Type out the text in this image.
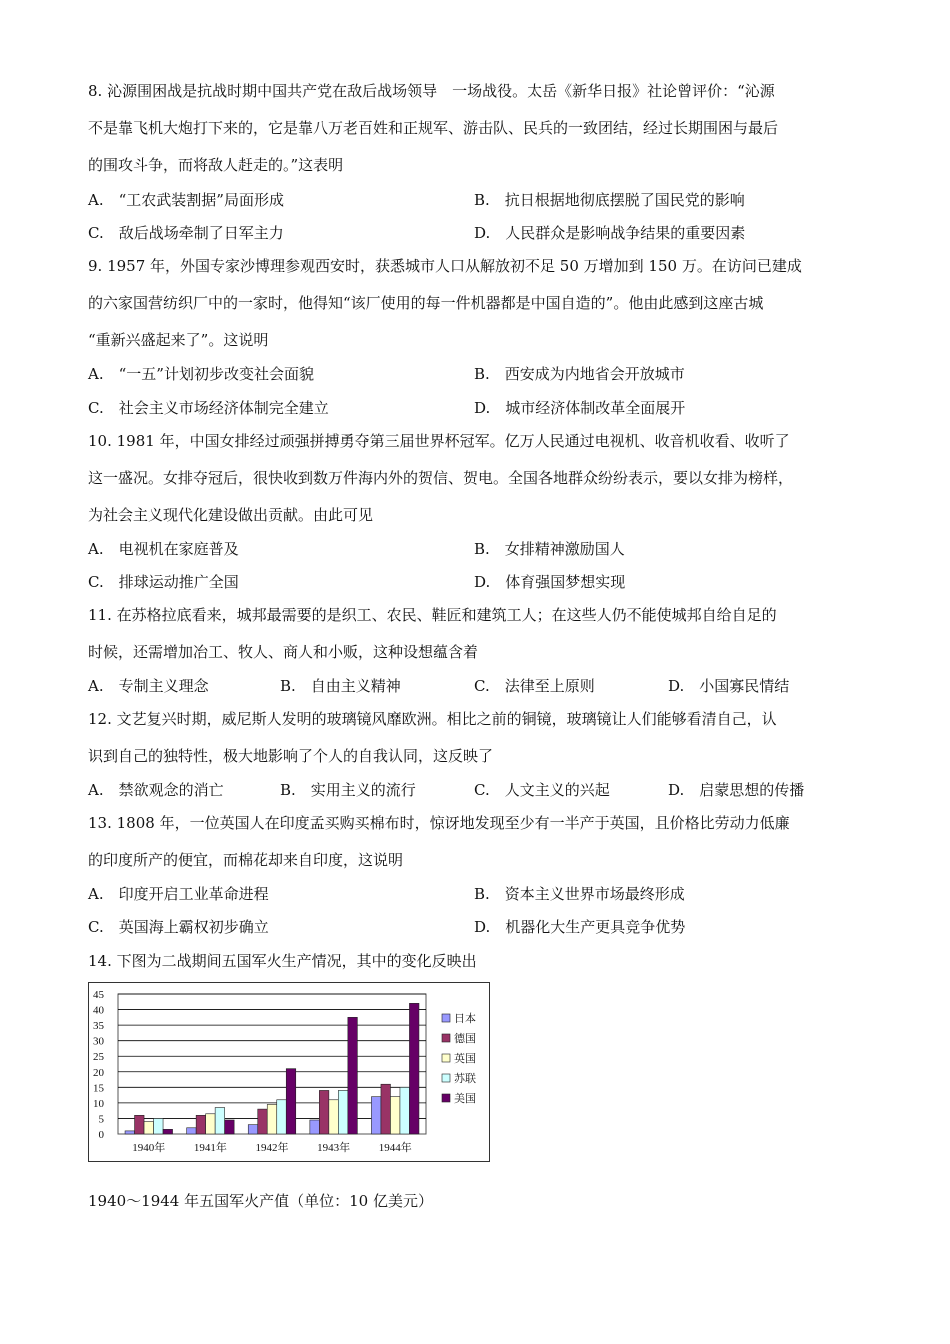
8. 沁源围困战是抗战时期中国共产党在敌后战场领导　一场战役。太岳《新华日报》社论曾评价：“沁源
不是靠飞机大炮打下来的，它是靠八万老百姓和正规军、游击队、民兵的一致团结，经过长期围困与最后
的围攻斗争，而将敌人赶走的。”这表明
A.　“工农武装割据”局面形成	B.　抗日根据地彻底摆脱了国民党的影响
C.　敌后战场牵制了日军主力	D.　人民群众是影响战争结果的重要因素
9. 1957 年，外国专家沙博理参观西安时，获悉城市人口从解放初不足 50 万增加到 150 万。在访问已建成
的六家国营纺织厂中的一家时，他得知“该厂使用的每一件机器都是中国自造的”。他由此感到这座古城
“重新兴盛起来了”。这说明
A.　“一五”计划初步改变社会面貌	B.　西安成为内地省会开放城市
C.　社会主义市场经济体制完全建立	D.　城市经济体制改革全面展开
10. 1981 年，中国女排经过顽强拼搏勇夺第三届世界杯冠军。亿万人民通过电视机、收音机收看、收听了
这一盛况。女排夺冠后，很快收到数万件海内外的贺信、贺电。全国各地群众纷纷表示，要以女排为榜样，
为社会主义现代化建设做出贡献。由此可见
A.　电视机在家庭普及	B.　女排精神激励国人
C.　排球运动推广全国	D.　体育强国梦想实现
11. 在苏格拉底看来，城邦最需要的是织工、农民、鞋匠和建筑工人；在这些人仍不能使城邦自给自足的
时候，还需增加冶工、牧人、商人和小贩，这种设想蕴含着
A.　专制主义理念	B.　自由主义精神	C.　法律至上原则	D.　小国寡民情结
12. 文艺复兴时期，威尼斯人发明的玻璃镜风靡欧洲。相比之前的铜镜，玻璃镜让人们能够看清自己，认
识到自己的独特性，极大地影响了个人的自我认同，这反映了
A.　禁欲观念的消亡	B.　实用主义的流行	C.　人文主义的兴起	D.　启蒙思想的传播
13. 1808 年，一位英国人在印度孟买购买棉布时，惊讶地发现至少有一半产于英国，且价格比劳动力低廉
的印度所产的便宜，而棉花却来自印度，这说明
A.　印度开启工业革命进程	B.　资本主义世界市场最终形成
C.　英国海上霸权初步确立	D.　机器化大生产更具竞争优势
14. 下图为二战期间五国军火生产情况，其中的变化反映出
0
5
10
15
20
25
30
35
40
45
1940年	1941年	1942年	1943年	1944年
日本
德国
英国
苏联
美国
1940～1944 年五国军火产值（单位：10 亿美元）
